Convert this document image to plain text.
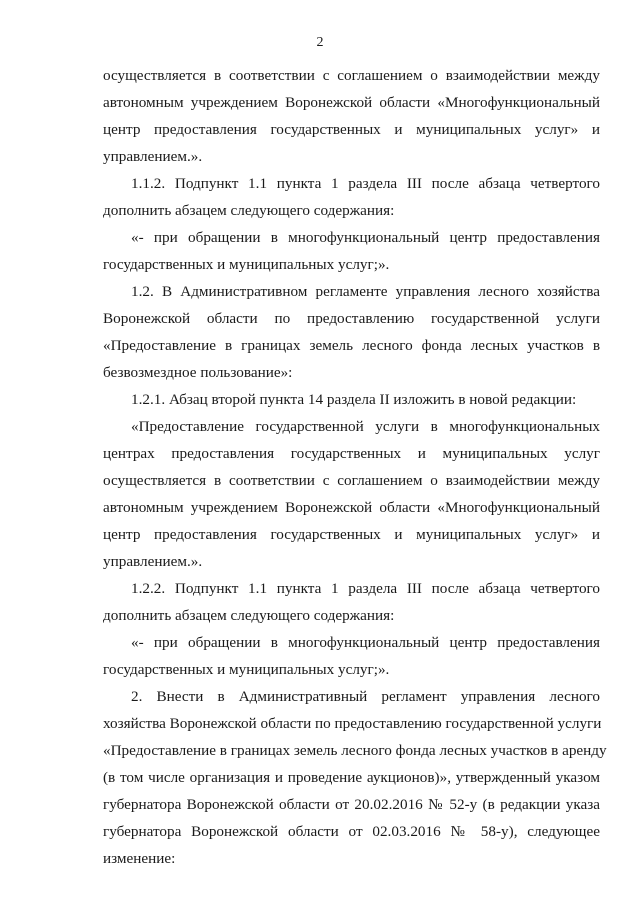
2
осуществляется в соответствии с соглашением о взаимодействии между
автономным учреждением Воронежской области «Многофункциональный
центр предоставления государственных и муниципальных услуг» и
управлением.».
1.1.2. Подпункт 1.1 пункта 1 раздела III после абзаца четвертого
дополнить абзацем следующего содержания:
«- при обращении в многофункциональный центр предоставления
государственных и муниципальных услуг;».
1.2. В Административном регламенте управления лесного хозяйства
Воронежской области по предоставлению государственной услуги
«Предоставление в границах земель лесного фонда лесных участков в
безвозмездное пользование»:
1.2.1. Абзац второй пункта 14 раздела II изложить в новой редакции:
«Предоставление государственной услуги в многофункциональных
центрах предоставления государственных и муниципальных услуг
осуществляется в соответствии с соглашением о взаимодействии между
автономным учреждением Воронежской области «Многофункциональный
центр предоставления государственных и муниципальных услуг» и
управлением.».
1.2.2. Подпункт 1.1 пункта 1 раздела III после абзаца четвертого
дополнить абзацем следующего содержания:
«- при обращении в многофункциональный центр предоставления
государственных и муниципальных услуг;».
2. Внести в Административный регламент управления лесного
хозяйства Воронежской области по предоставлению государственной услуги
«Предоставление в границах земель лесного фонда лесных участков в аренду
(в том числе организация и проведение аукционов)», утвержденный указом
губернатора Воронежской области от 20.02.2016 № 52-у (в редакции указа
губернатора Воронежской области от 02.03.2016 № 58-у), следующее
изменение:
